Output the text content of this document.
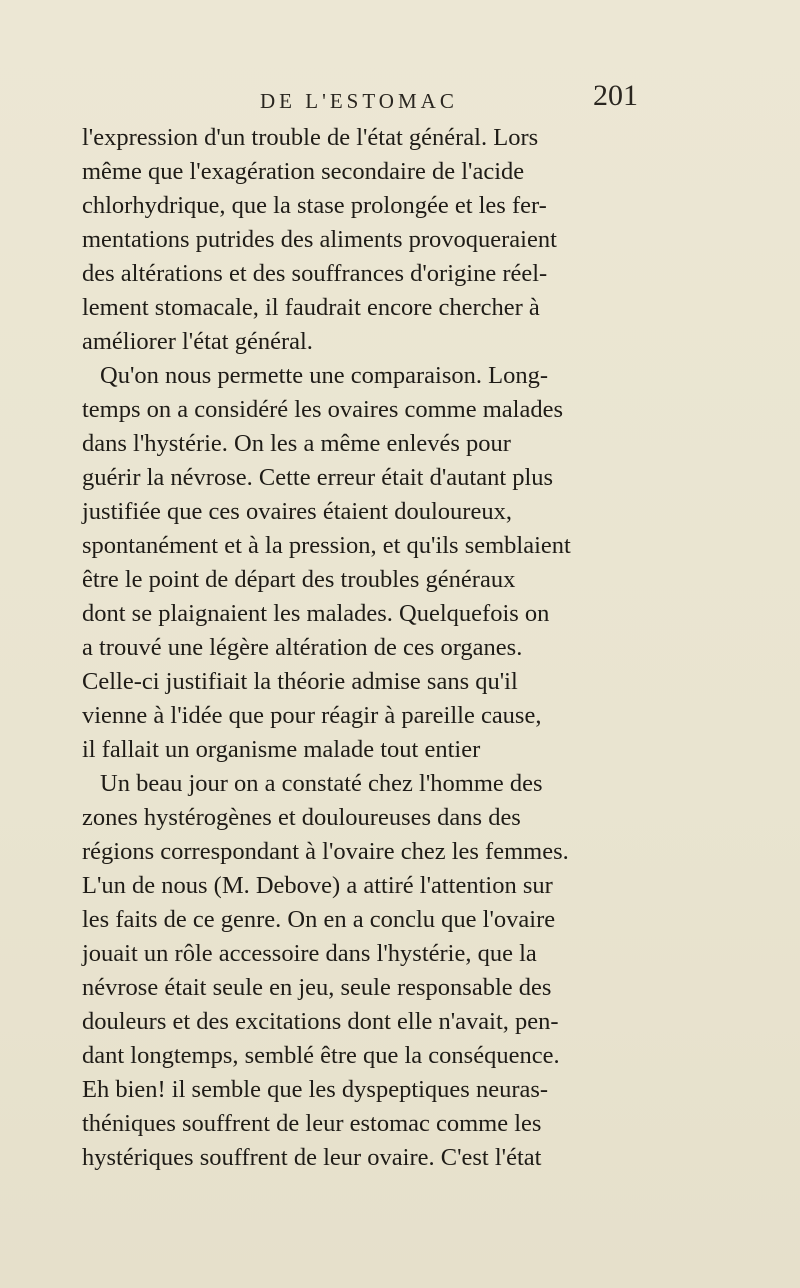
DE L'ESTOMAC	201
l'expression d'un trouble de l'état général. Lors
même que l'exagération secondaire de l'acide
chlorhydrique, que la stase prolongée et les fer-
mentations putrides des aliments provoqueraient
des altérations et des souffrances d'origine réel-
lement stomacale, il faudrait encore chercher à
améliorer l'état général.
Qu'on nous permette une comparaison. Long-
temps on a considéré les ovaires comme malades
dans l'hystérie. On les a même enlevés pour
guérir la névrose. Cette erreur était d'autant plus
justifiée que ces ovaires étaient douloureux,
spontanément et à la pression, et qu'ils semblaient
être le point de départ des troubles généraux
dont se plaignaient les malades. Quelquefois on
a trouvé une légère altération de ces organes.
Celle-ci justifiait la théorie admise sans qu'il
vienne à l'idée que pour réagir à pareille cause,
il fallait un organisme malade tout entier
Un beau jour on a constaté chez l'homme des
zones hystérogènes et douloureuses dans des
régions correspondant à l'ovaire chez les femmes.
L'un de nous (M. Debove) a attiré l'attention sur
les faits de ce genre. On en a conclu que l'ovaire
jouait un rôle accessoire dans l'hystérie, que la
névrose était seule en jeu, seule responsable des
douleurs et des excitations dont elle n'avait, pen-
dant longtemps, semblé être que la conséquence.
Eh bien! il semble que les dyspeptiques neuras-
théniques souffrent de leur estomac comme les
hystériques souffrent de leur ovaire. C'est l'état
